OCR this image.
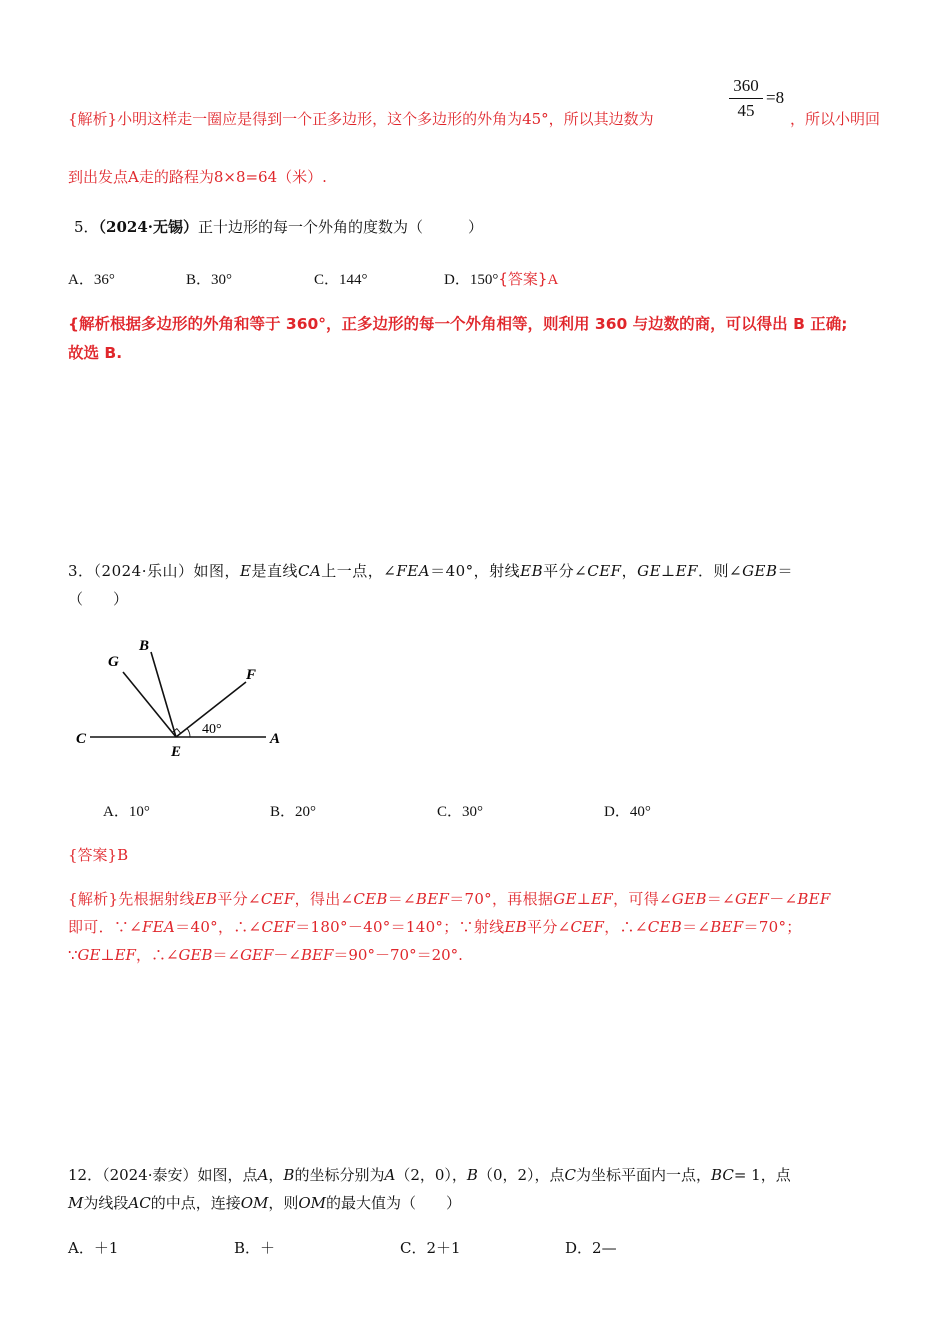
{解析}小明这样走一圈应是得到一个正多边形，这个多边形的外角为45°，所以其边数为
360
45
=8
，所以小明回
到出发点A走的路程为8×8=64（米）.
5．（2024·无锡）正十边形的每一个外角的度数为（　　　）
A．36°	B．30°	C．144°	D．150°{答案}A
{解析根据多边形的外角和等于 360°，正多边形的每一个外角相等，则利用 360 与边数的商，可以得出 B 正确;
故选 B.
3．（2024·乐山）如图，E是直线CA上一点，∠FEA＝40°，射线EB平分∠CEF，GE⊥EF．则∠GEB＝
（　　）
C
E
A
G
B
F
40°
A．10°	B．20°	C．30°	D．40°
{答案}B
{解析}先根据射线EB平分∠CEF，得出∠CEB＝∠BEF＝70°，再根据GE⊥EF，可得∠GEB＝∠GEF－∠BEF
即可．∵∠FEA＝40°，∴∠CEF＝180°－40°＝140°；∵射线EB平分∠CEF，∴∠CEB＝∠BEF＝70°；
∵GE⊥EF，∴∠GEB＝∠GEF－∠BEF＝90°－70°＝20°.
12．（2024·泰安）如图，点A，B的坐标分别为A（2，0），B（0，2），点C为坐标平面内一点，BC= 1，点
M为线段AC的中点，连接OM，则OM的最大值为（　　）
A．＋1	B．＋	C．2＋1	D．2—
